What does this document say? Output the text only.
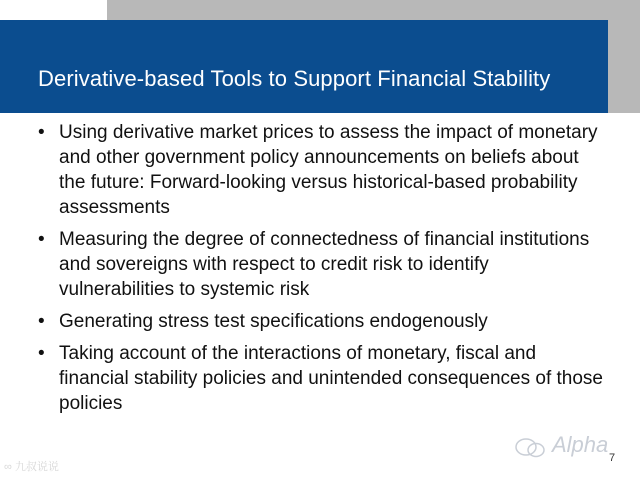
Derivative-based Tools to Support Financial Stability
• Using derivative market prices to assess the impact of monetary and other government policy announcements on beliefs about the future: Forward-looking versus historical-based probability assessments
• Measuring the degree of connectedness of financial institutions and sovereigns with respect to credit risk to identify vulnerabilities to systemic risk
• Generating stress test specifications endogenously
• Taking account of the interactions of monetary, fiscal and financial stability policies and unintended consequences of those policies
Alpha
7
∞ 九叔说说
